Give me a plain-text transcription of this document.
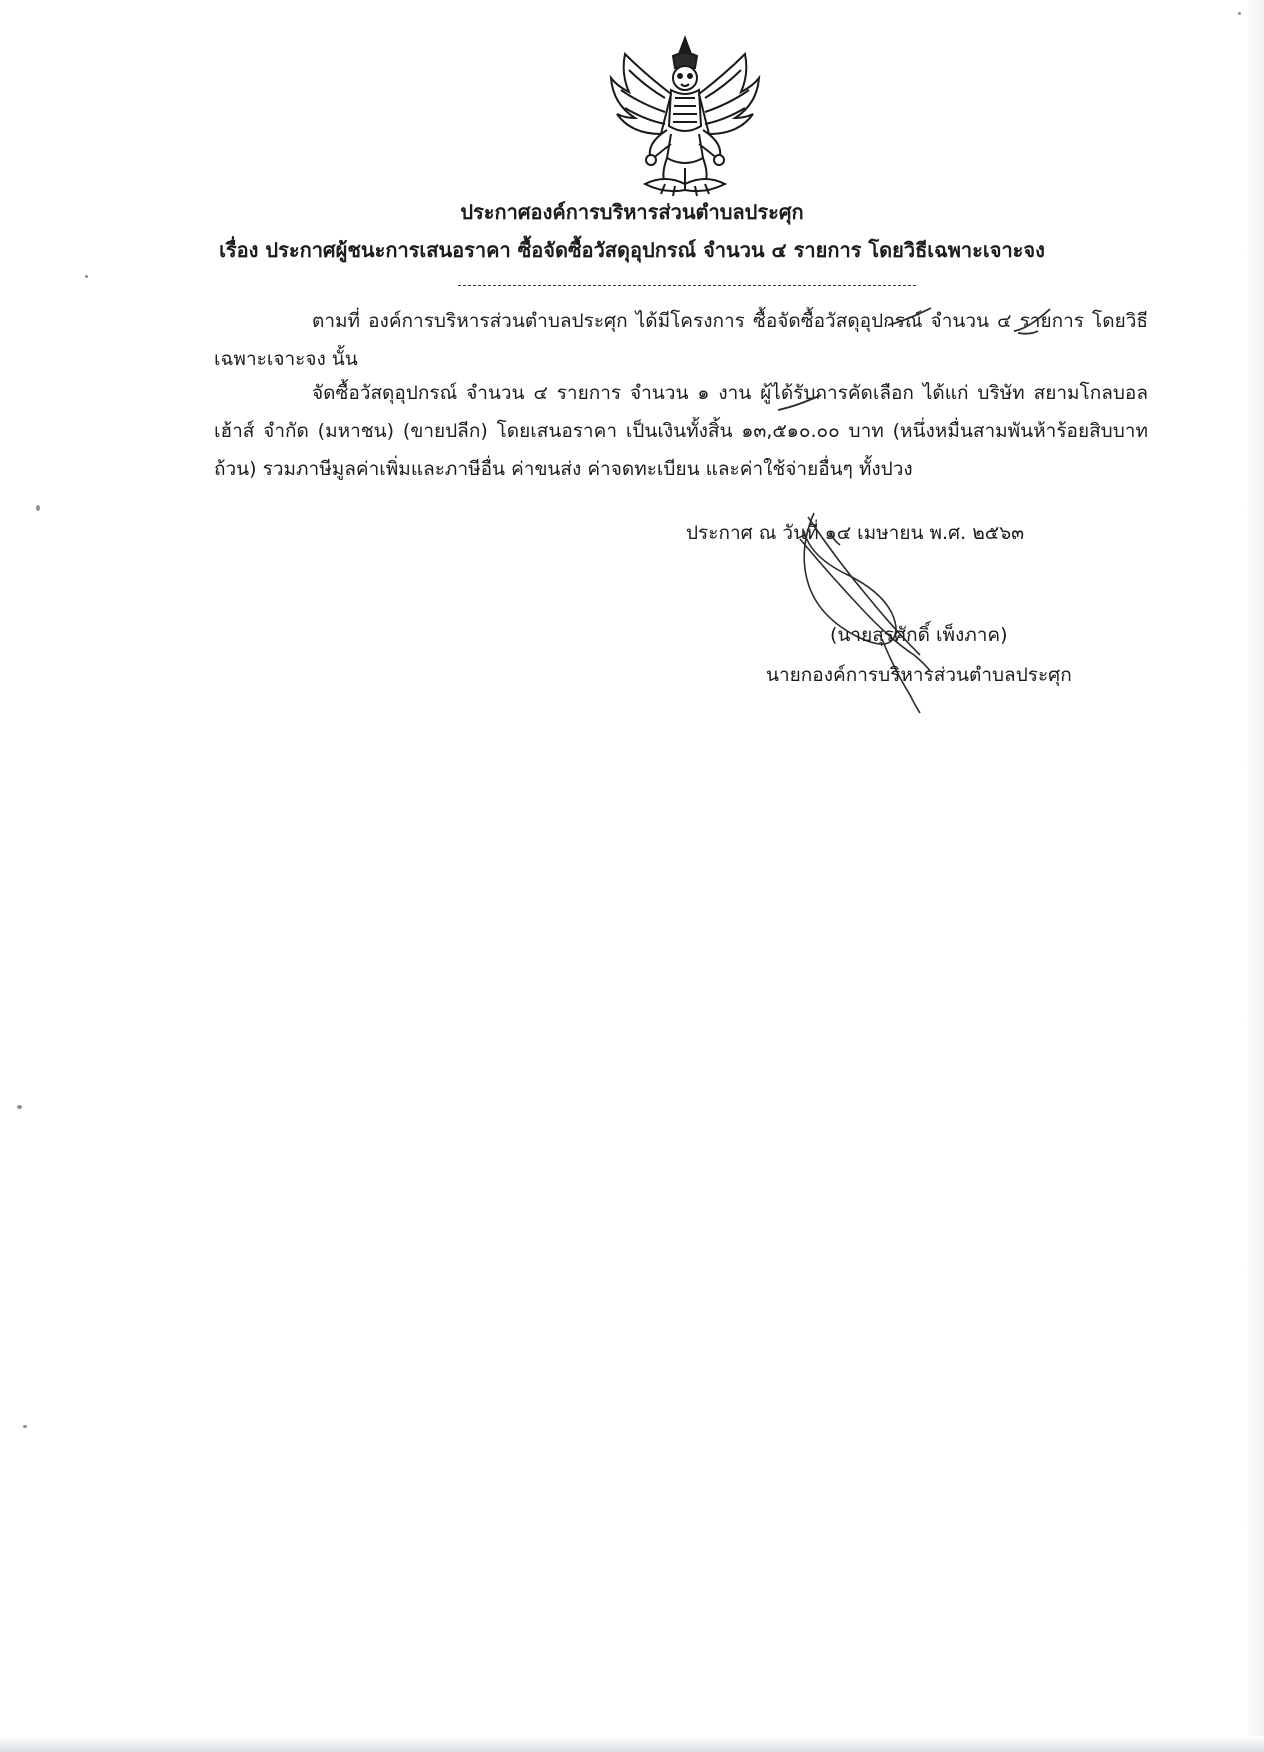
ประกาศองค์การบริหารส่วนตำบลประศุก
เรื่อง ประกาศผู้ชนะการเสนอราคา ซื้อจัดซื้อวัสดุอุปกรณ์ จำนวน ๔ รายการ โดยวิธีเฉพาะเจาะจง
ตามที่ องค์การบริหารส่วนตำบลประศุก ได้มีโครงการ ซื้อจัดซื้อวัสดุอุปกรณ์ จำนวน ๔ รายการ โดยวิธีเฉพาะเจาะจง นั้น
จัดซื้อวัสดุอุปกรณ์ จำนวน ๔ รายการ จำนวน ๑ งาน ผู้ได้รับการคัดเลือก ได้แก่ บริษัท สยามโกลบอล เฮ้าส์ จำกัด (มหาชน) (ขายปลีก) โดยเสนอราคา เป็นเงินทั้งสิ้น ๑๓,๕๑๐.๐๐ บาท (หนึ่งหมื่นสามพันห้าร้อยสิบบาทถ้วน) รวมภาษีมูลค่าเพิ่มและภาษีอื่น ค่าขนส่ง ค่าจดทะเบียน และค่าใช้จ่ายอื่นๆ ทั้งปวง
ประกาศ ณ วันที่ ๑๔ เมษายน พ.ศ. ๒๕๖๓
(นายสุรศักดิ์ เพ็งภาค)
นายกองค์การบริหารส่วนตำบลประศุก
